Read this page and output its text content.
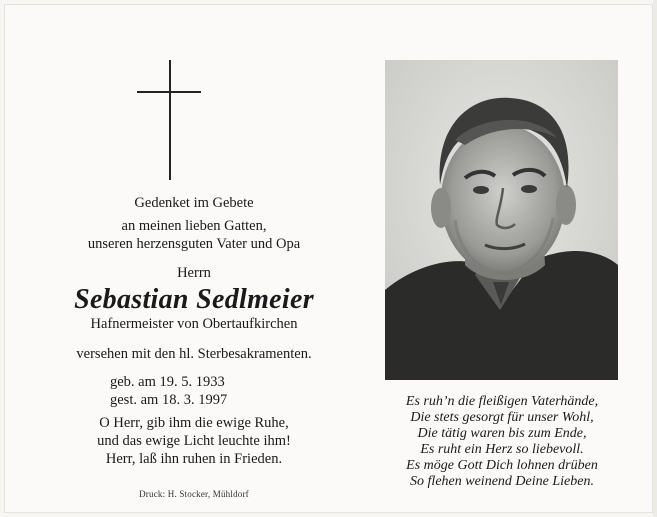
Gedenket im Gebete
an meinen lieben Gatten,
unseren herzensguten Vater und Opa
Herrn
Sebastian Sedlmeier
Hafnermeister von Obertaufkirchen
versehen mit den hl. Sterbesakramenten.
geb. am 19. 5. 1933
gest. am 18. 3. 1997
O Herr, gib ihm die ewige Ruhe,
und das ewige Licht leuchte ihm!
Herr, laß ihn ruhen in Frieden.
Druck: H. Stocker, Mühldorf
Es ruh’n die fleißigen Vaterhände,
Die stets gesorgt für unser Wohl,
Die tätig waren bis zum Ende,
Es ruht ein Herz so liebevoll.
Es möge Gott Dich lohnen drüben
So flehen weinend Deine Lieben.
